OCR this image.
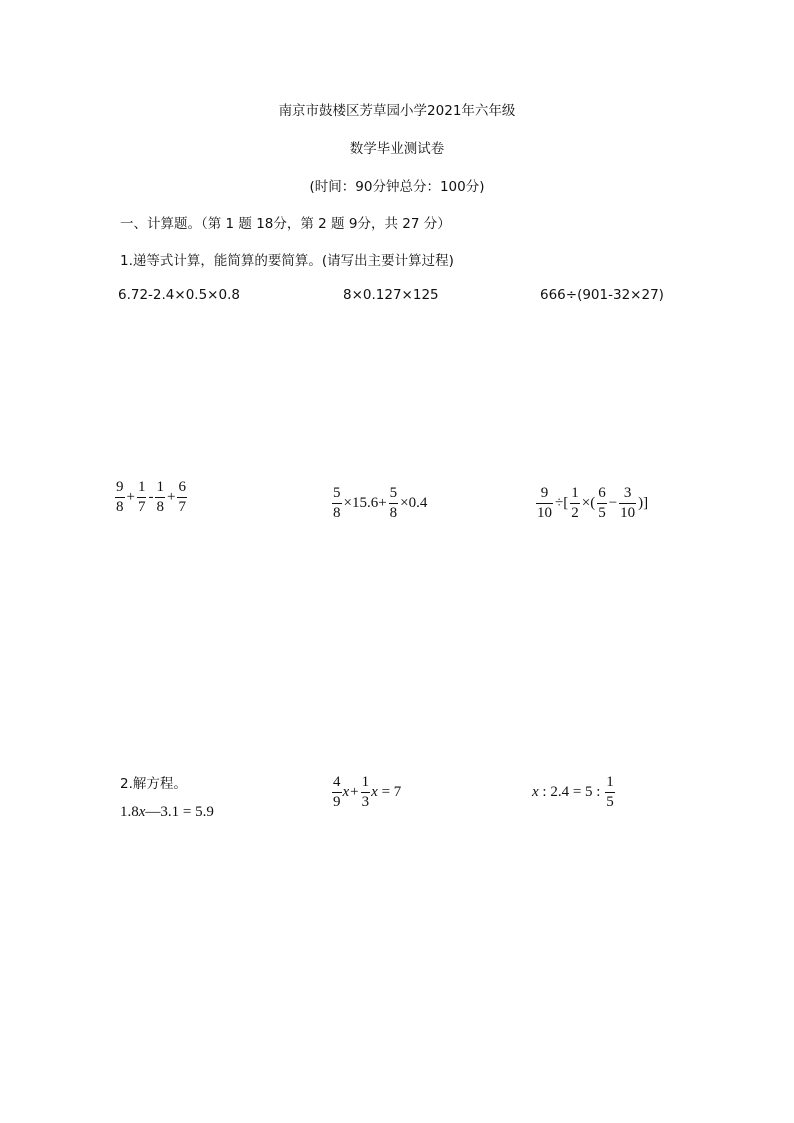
南京市鼓楼区芳草园小学2021年六年级
数学毕业测试卷
(时间：90分钟总分：100分)
一、计算题。（第 1 题 18分，第 2 题 9分，共 27 分）
1.递等式计算，能简算的要简算。(请写出主要计算过程)
6.72-2.4×0.5×0.8	8×0.127×125	666÷(901-32×27)
$\frac{9}{8} + \frac{1}{7} - \frac{1}{8} + \frac{6}{7}$	$\frac{5}{8} \times 15.6+ \frac{5}{8} \times 0.4$	$\frac{9}{10}$ ÷[ $\frac{1}{2}$ ×( $\frac{6}{5} - \frac{3}{10}$ )]
2.解方程。
1.8 x —3.1 = 5.9
$\frac{4}{9}$ $x + \frac{1}{3}$ x = 7	x : 2.4 = 5 : $\frac{1}{5}$
